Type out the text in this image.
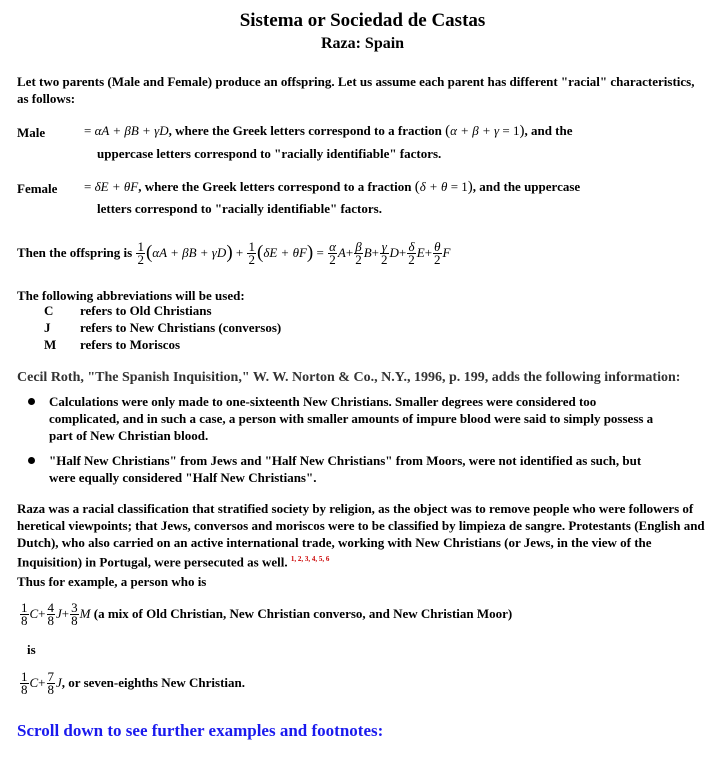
Sistema or Sociedad de Castas
Raza: Spain
Let two parents (Male and Female) produce an offspring. Let us assume each parent has different "racial" characteristics, as follows:
Male	= αA + βB + γD, where the Greek letters correspond to a fraction (α + β + γ = 1), and the
uppercase letters correspond to "racially identifiable" factors.
Female = δE + θF, where the Greek letters correspond to a fraction (δ + θ = 1), and the uppercase
letters correspond to "racially identifiable" factors.
Then the offspring is
$\frac{1}{2}$ ( αA + βB + γD ) + $\frac{1}{2}$ ( δE + θF ) = $\frac{\alpha}{2}$ $A + \frac{\beta}{2}$ $B + \frac{\gamma}{2}$ $D + \frac{\delta}{2}$ $E + \frac{\theta}{2}$ F
The following abbreviations will be used:
C refers to Old Christians
J refers to New Christians (conversos)
M refers to Moriscos
Cecil Roth, "The Spanish Inquisition," W. W. Norton & Co., N.Y., 1996, p. 199, adds the following information:
Calculations were only made to one-sixteenth New Christians. Smaller degrees were considered too complicated, and in such a case, a person with smaller amounts of impure blood were said to simply possess a part of New Christian blood.
"Half New Christians" from Jews and "Half New Christians" from Moors, were not identified as such, but were equally considered "Half New Christians".
Raza was a racial classification that stratified society by religion, as the object was to remove people who were followers of heretical viewpoints; that Jews, conversos and moriscos were to be classified by limpieza de sangre. Protestants (English and Dutch), who also carried on an active international trade, working with New Christians (or Jews, in the view of the Inquisition) in Portugal, were persecuted as well. $^{1, 2, 3, 4, 5, 6}$
Thus for example, a person who is
$\frac{1}{8}$ $C + \frac{4}{8}$ $J + \frac{3}{8}$ M
(a mix of Old Christian, New Christian converso, and New Christian Moor)
is
$\frac{1}{8}$ $C + \frac{7}{8}$ J , or seven-eighths New Christian.
Scroll down to see further examples and footnotes:
